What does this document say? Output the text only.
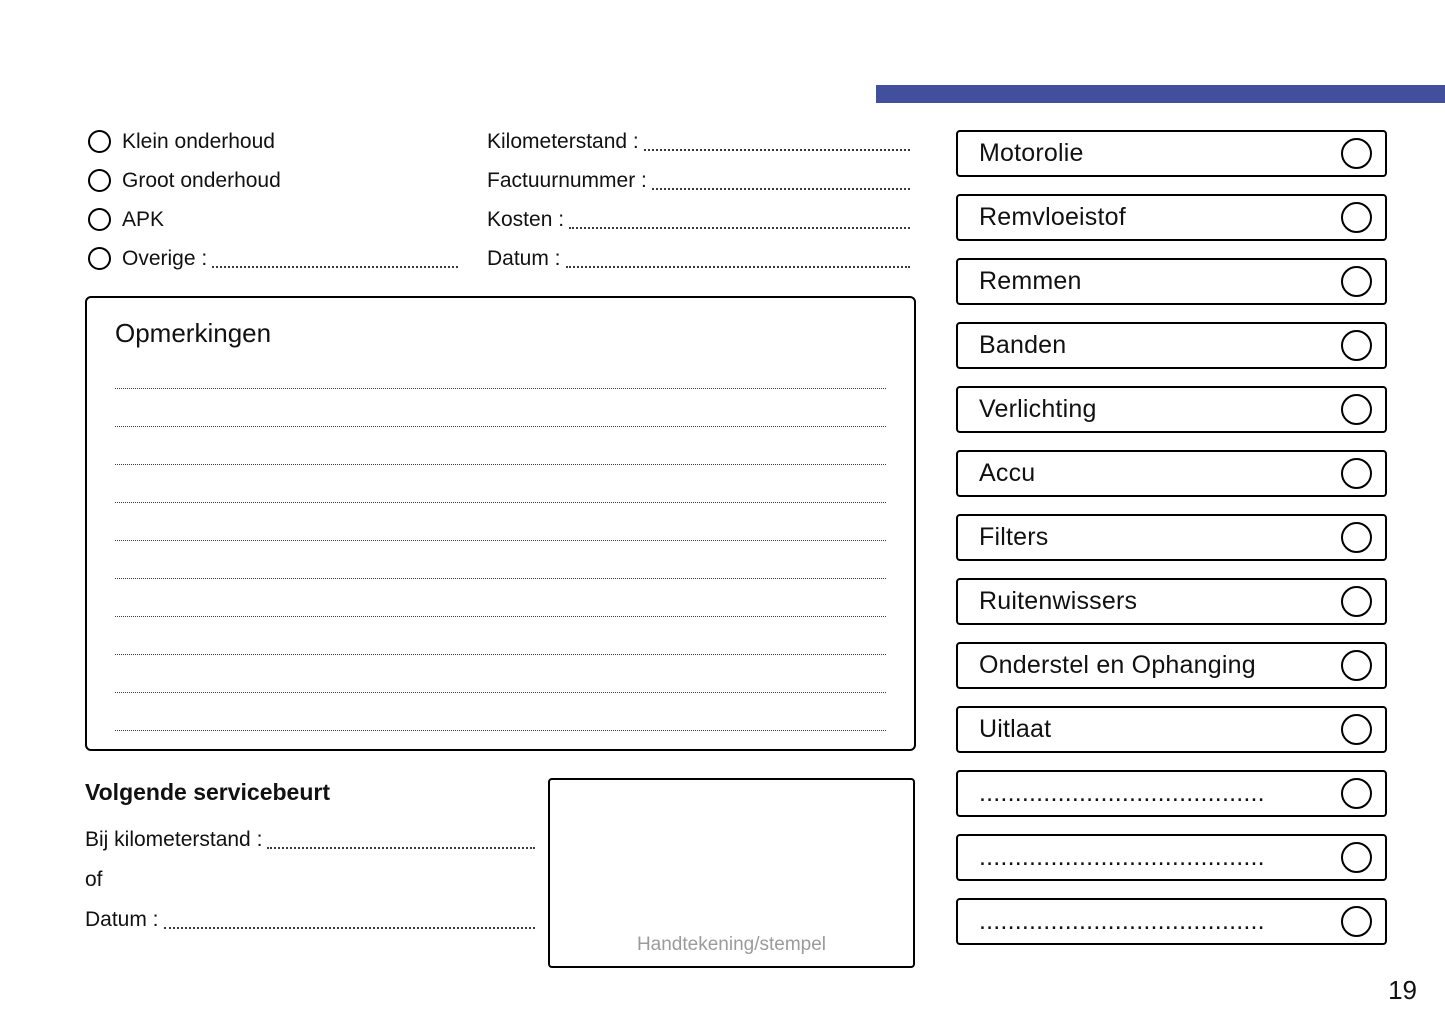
Klein onderhoud
Groot onderhoud
APK
Overige :
Kilometerstand :
Factuurnummer :
Kosten :
Datum :
Opmerkingen
Volgende servicebeurt
Bij kilometerstand :
of
Datum :
Handtekening/stempel
Motorolie
Remvloeistof
Remmen
Banden
Verlichting
Accu
Filters
Ruitenwissers
Onderstel en Ophanging
Uitlaat
........................................
........................................
........................................
19
